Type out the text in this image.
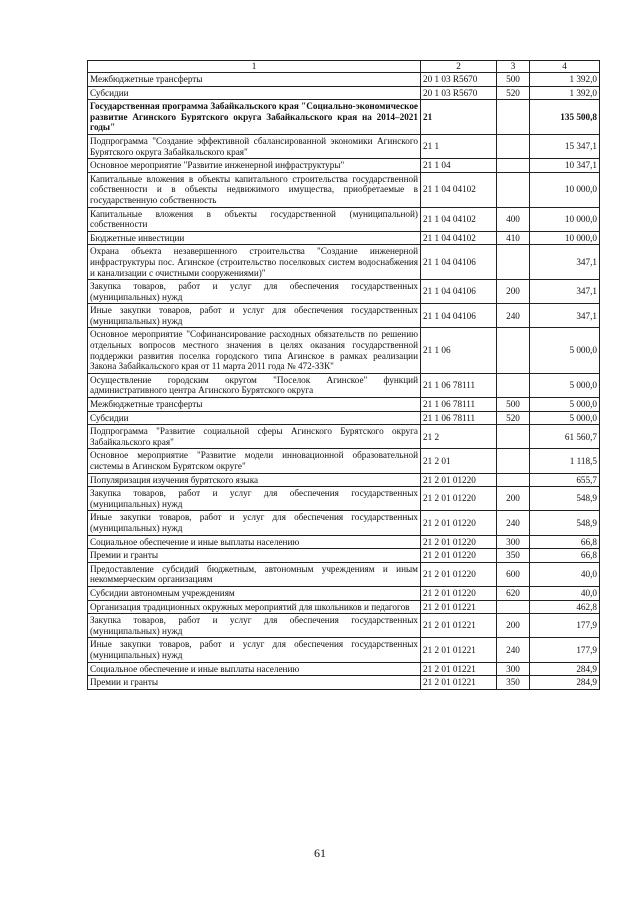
1	2	3	4
Межбюджетные трансферты	20 1 03 R5670	500	1 392,0
Субсидии	20 1 03 R5670	520	1 392,0
Государственная программа Забайкальского края "Социально-экономическое развитие Агинского Бурятского округа Забайкальского края на 2014–2021 годы"	21		135 500,8
Подпрограмма "Создание эффективной сбалансированной экономики Агинского Бурятского округа Забайкальского края"	21 1		15 347,1
Основное мероприятие "Развитие инженерной инфраструктуры"	21 1 04		10 347,1
Капитальные вложения в объекты капитального строительства государственной собственности и в объекты недвижимого имущества, приобретаемые в государственную собственность	21 1 04 04102		10 000,0
Капитальные вложения в объекты государственной (муниципальной) собственности	21 1 04 04102	400	10 000,0
Бюджетные инвестиции	21 1 04 04102	410	10 000,0
Охрана объекта незавершенного строительства "Создание инженерной инфраструктуры пос. Агинское (строительство поселковых систем водоснабжения и канализации с очистными сооружениями)"	21 1 04 04106		347,1
Закупка товаров, работ и услуг для обеспечения государственных (муниципальных) нужд	21 1 04 04106	200	347,1
Иные закупки товаров, работ и услуг для обеспечения государственных (муниципальных) нужд	21 1 04 04106	240	347,1
Основное мероприятие "Софинансирование расходных обязательств по решению отдельных вопросов местного значения в целях оказания государственной поддержки развития поселка городского типа Агинское в рамках реализации Закона Забайкальского края от 11 марта 2011 года № 472-ЗЗК"	21 1 06		5 000,0
Осуществление городским округом "Поселок Агинское" функций административного центра Агинского Бурятского округа	21 1 06 78111		5 000,0
Межбюджетные трансферты	21 1 06 78111	500	5 000,0
Субсидии	21 1 06 78111	520	5 000,0
Подпрограмма "Развитие социальной сферы Агинского Бурятского округа Забайкальского края"	21 2		61 560,7
Основное мероприятие "Развитие модели инновационной образовательной системы в Агинском Бурятском округе"	21 2 01		1 118,5
Популяризация изучения бурятского языка	21 2 01 01220		655,7
Закупка товаров, работ и услуг для обеспечения государственных (муниципальных) нужд	21 2 01 01220	200	548,9
Иные закупки товаров, работ и услуг для обеспечения государственных (муниципальных) нужд	21 2 01 01220	240	548,9
Социальное обеспечение и иные выплаты населению	21 2 01 01220	300	66,8
Премии и гранты	21 2 01 01220	350	66,8
Предоставление субсидий бюджетным, автономным учреждениям и иным некоммерческим организациям	21 2 01 01220	600	40,0
Субсидии автономным учреждениям	21 2 01 01220	620	40,0
Организация традиционных окружных мероприятий для школьников и педагогов	21 2 01 01221		462,8
Закупка товаров, работ и услуг для обеспечения государственных (муниципальных) нужд	21 2 01 01221	200	177,9
Иные закупки товаров, работ и услуг для обеспечения государственных (муниципальных) нужд	21 2 01 01221	240	177,9
Социальное обеспечение и иные выплаты населению	21 2 01 01221	300	284,9
Премии и гранты	21 2 01 01221	350	284,9
61
